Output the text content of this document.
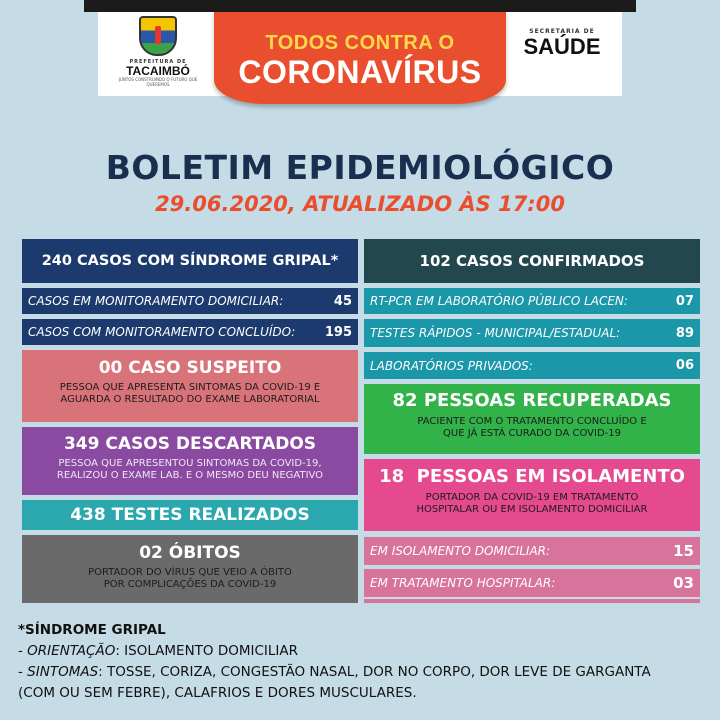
PREFEITURA DE
TACAIMBÓ
JUNTOS CONSTRUINDO O FUTURO QUE QUEREMOS
TODOS CONTRA O
CORONAVÍRUS
SECRETARIA DE
SAÚDE
BOLETIM EPIDEMIOLÓGICO
29.06.2020, ATUALIZADO ÀS 17:00
240 CASOS COM SÍNDROME GRIPAL*
CASOS EM MONITORAMENTO DOMICILIAR:	45
CASOS COM MONITORAMENTO CONCLUÍDO: 195
00 CASO SUSPEITO
PESSOA QUE APRESENTA SINTOMAS DA COVID-19 E
AGUARDA O RESULTADO DO EXAME LABORATORIAL
349 CASOS DESCARTADOS
PESSOA QUE APRESENTOU SINTOMAS DA COVID-19,
REALIZOU O EXAME LAB. E O MESMO DEU NEGATIVO
438 TESTES REALIZADOS
02 ÓBITOS
PORTADOR DO VÍRUS QUE VEIO A ÓBITO
POR COMPLICAÇÕES DA COVID-19
102 CASOS CONFIRMADOS
RT-PCR EM LABORATÓRIO PÚBLICO LACEN:	07
TESTES RÁPIDOS - MUNICIPAL/ESTADUAL:	89
LABORATÓRIOS PRIVADOS:	06
82 PESSOAS RECUPERADAS
PACIENTE COM O TRATAMENTO CONCLUÍDO E
QUE JÁ ESTÁ CURADO DA COVID-19
18  PESSOAS EM ISOLAMENTO
PORTADOR DA COVID-19 EM TRATAMENTO
HOSPITALAR OU EM ISOLAMENTO DOMICILIAR
EM ISOLAMENTO DOMICILIAR:	15
EM TRATAMENTO HOSPITALAR:	03
*SÍNDROME GRIPAL
- ORIENTAÇÃO: ISOLAMENTO DOMICILIAR
- SINTOMAS: TOSSE, CORIZA, CONGESTÃO NASAL, DOR NO CORPO, DOR LEVE DE GARGANTA
(COM OU SEM FEBRE), CALAFRIOS E DORES MUSCULARES.
